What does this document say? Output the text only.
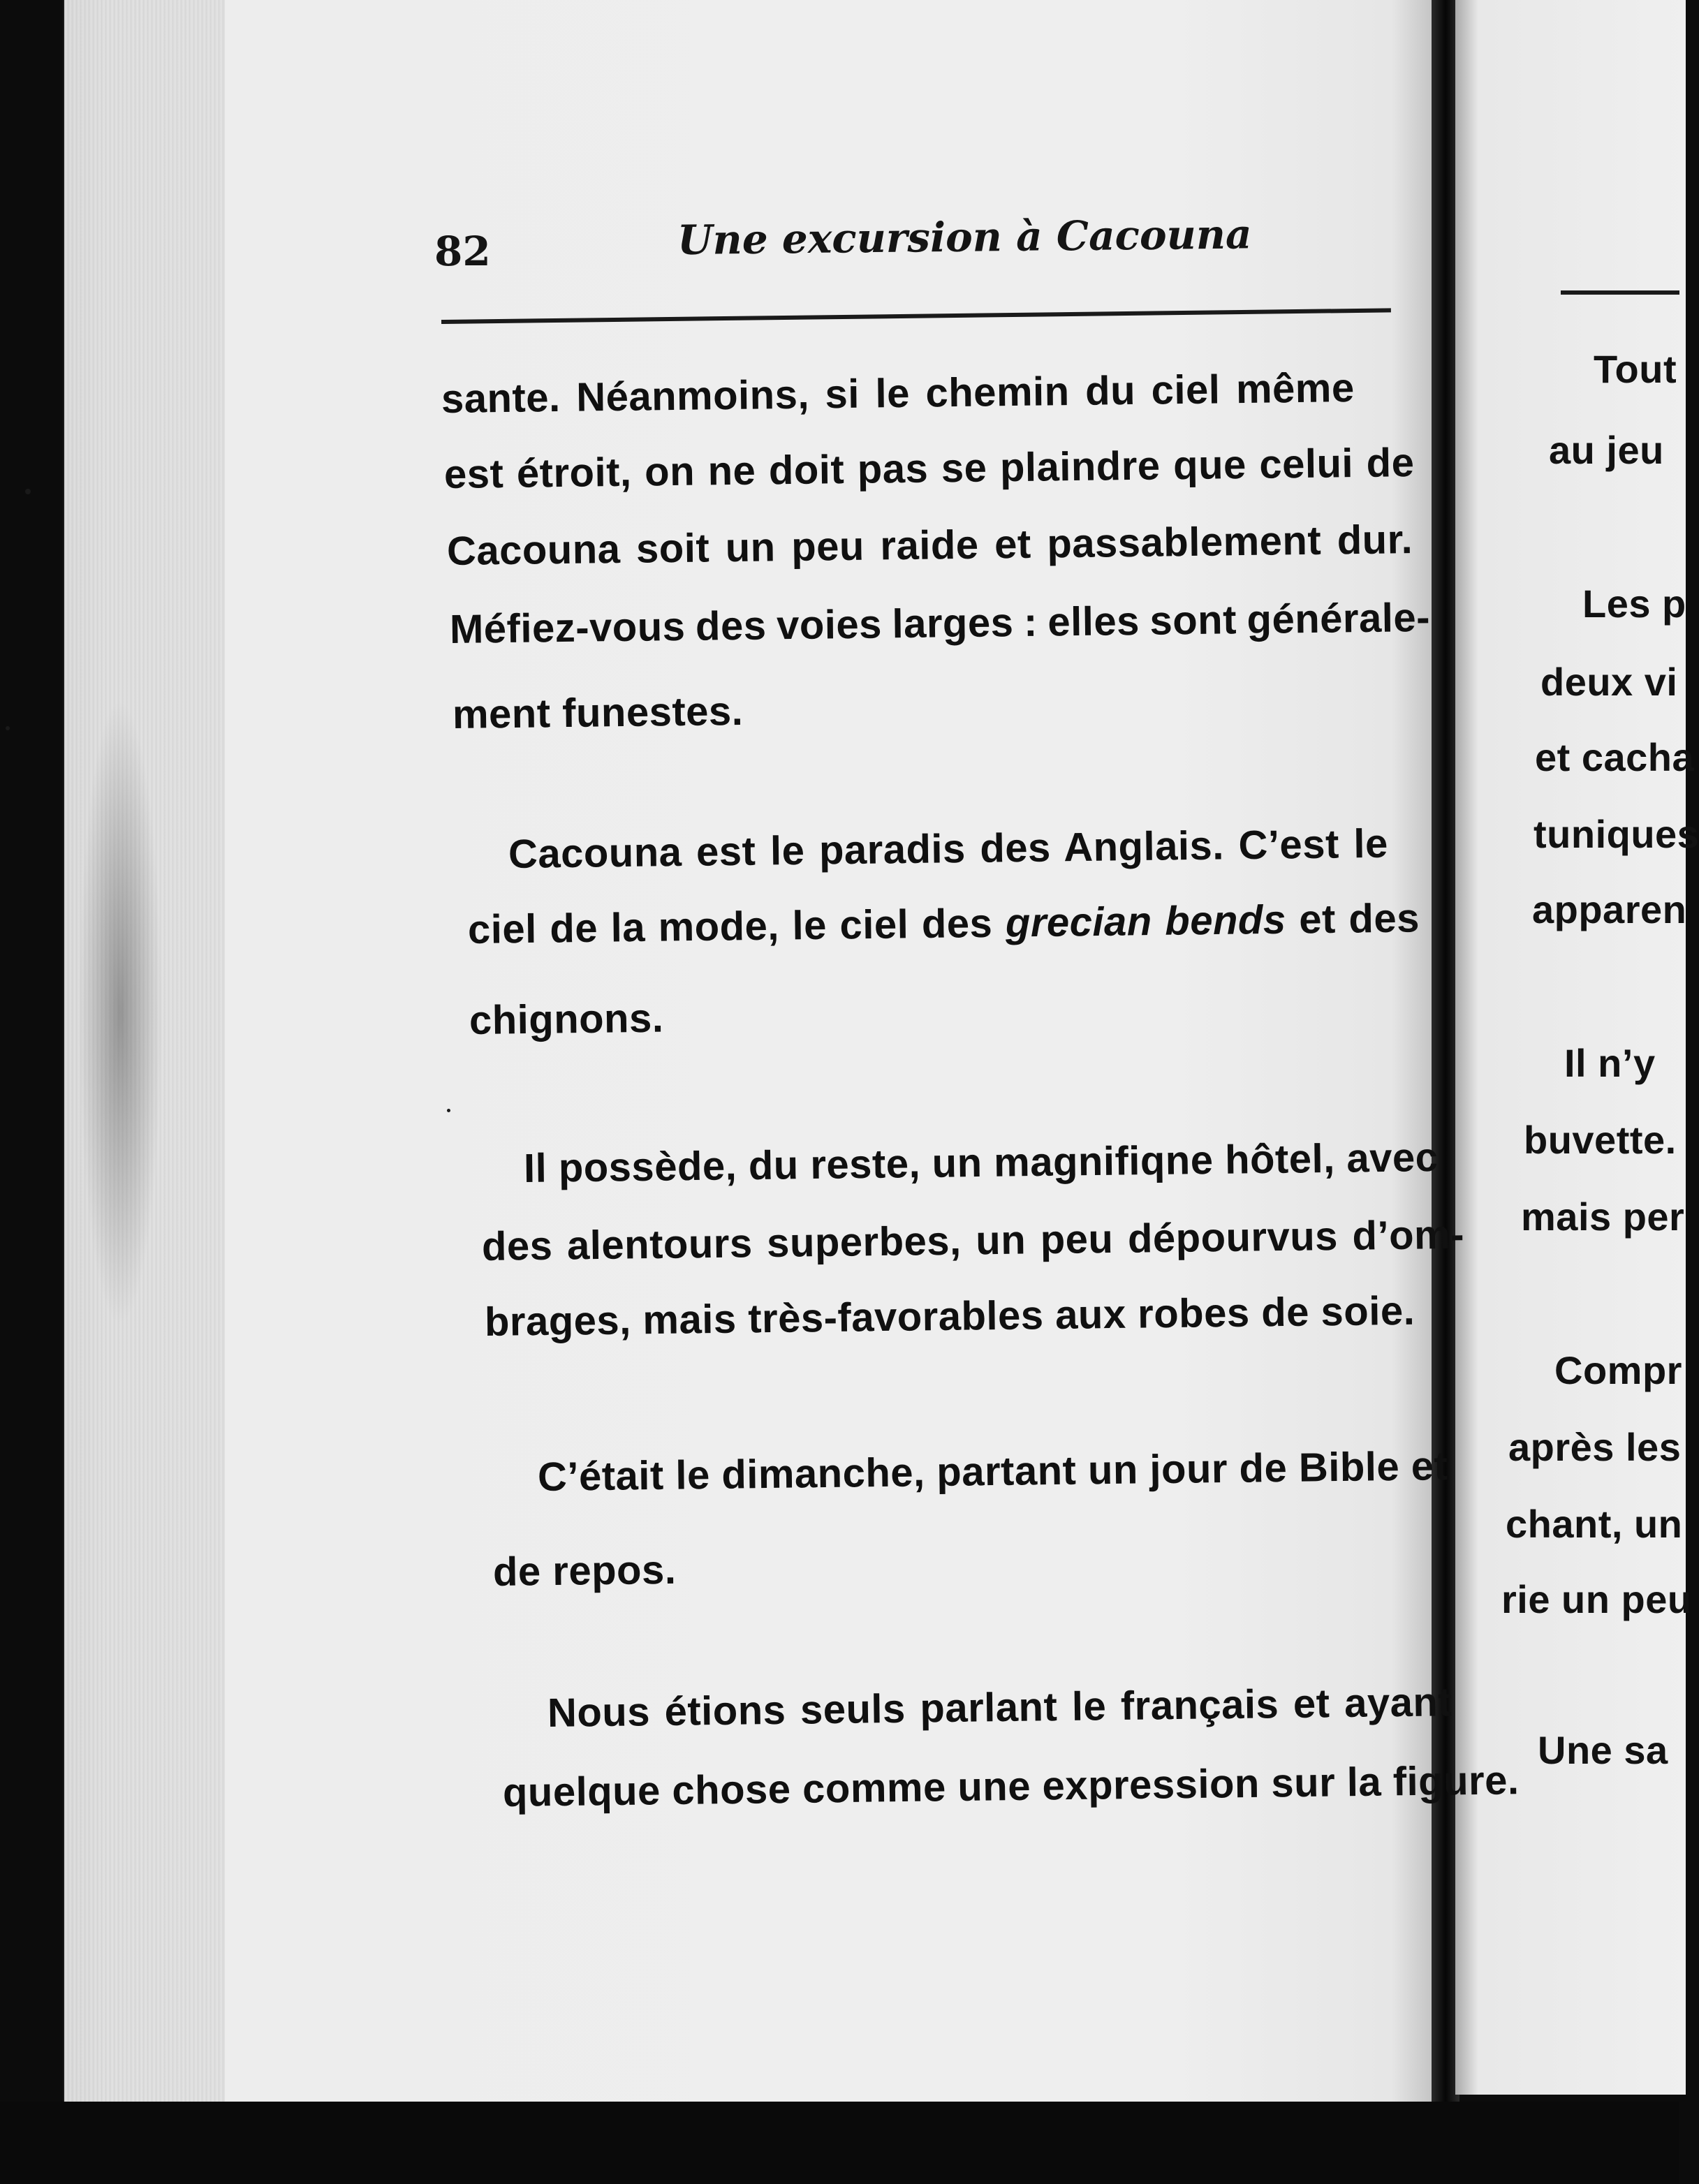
82	Une excursion à Cacouna
sante. Néanmoins, si le chemin du ciel même
est étroit, on ne doit pas se plaindre que celui de
Cacouna soit un peu raide et passablement dur.
Méfiez-vous des voies larges : elles sont générale-
ment funestes.
Cacouna est le paradis des Anglais. C’est le
ciel de la mode, le ciel des grecian bends et des
chignons.
Il possède, du reste, un magnifiqne hôtel, avec
des alentours superbes, un peu dépourvus d’om-
brages, mais très-favorables aux robes de soie.
C’était le dimanche, partant un jour de Bible et
de repos.
Nous étions seuls parlant le français et ayant
quelque chose comme une expression sur la figure.
Tout
au jeu
Les p
deux vi
et cacha
tuniques
apparen
Il n’y
buvette.
mais per
Compr
après les
chant, un
rie un peu
Une sa
